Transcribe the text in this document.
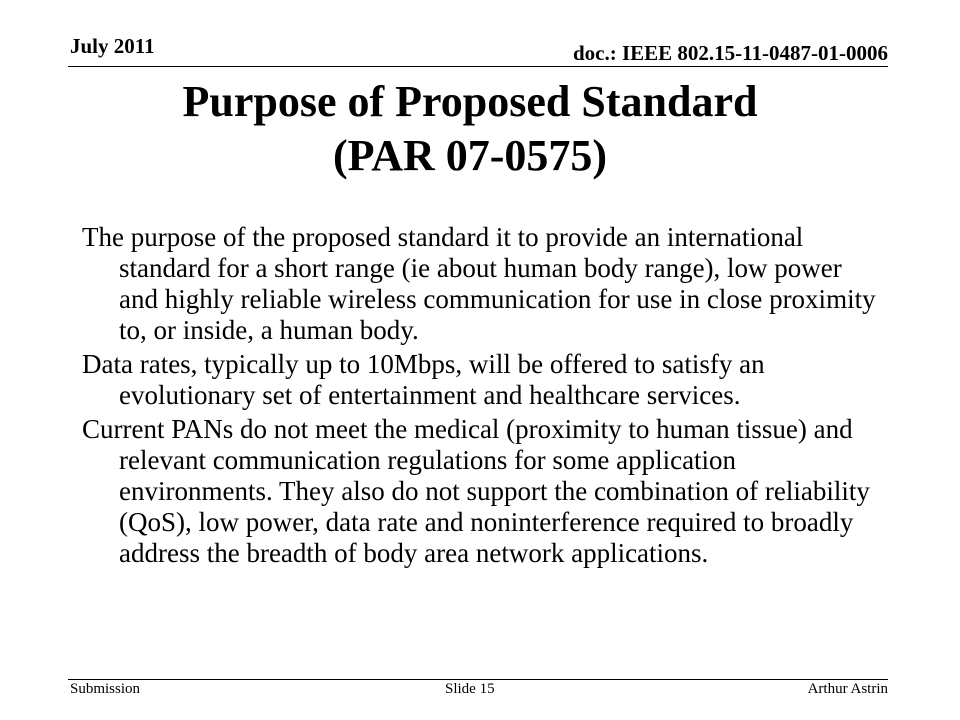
July 2011	doc.: IEEE 802.15-11-0487-01-0006
Purpose of Proposed Standard
(PAR 07-0575)

The purpose of the proposed standard it to provide an international standard for a short range (ie about human body range), low power and highly reliable wireless communication for use in close proximity to, or inside, a human body.

Data rates, typically up to 10Mbps, will be offered to satisfy an evolutionary set of entertainment and healthcare services.

Current PANs do not meet the medical (proximity to human tissue) and relevant communication regulations for some application environments. They also do not support the combination of reliability (QoS), low power, data rate and noninterference required to broadly address the breadth of body area network applications.

Submission	Slide 15	Arthur Astrin
